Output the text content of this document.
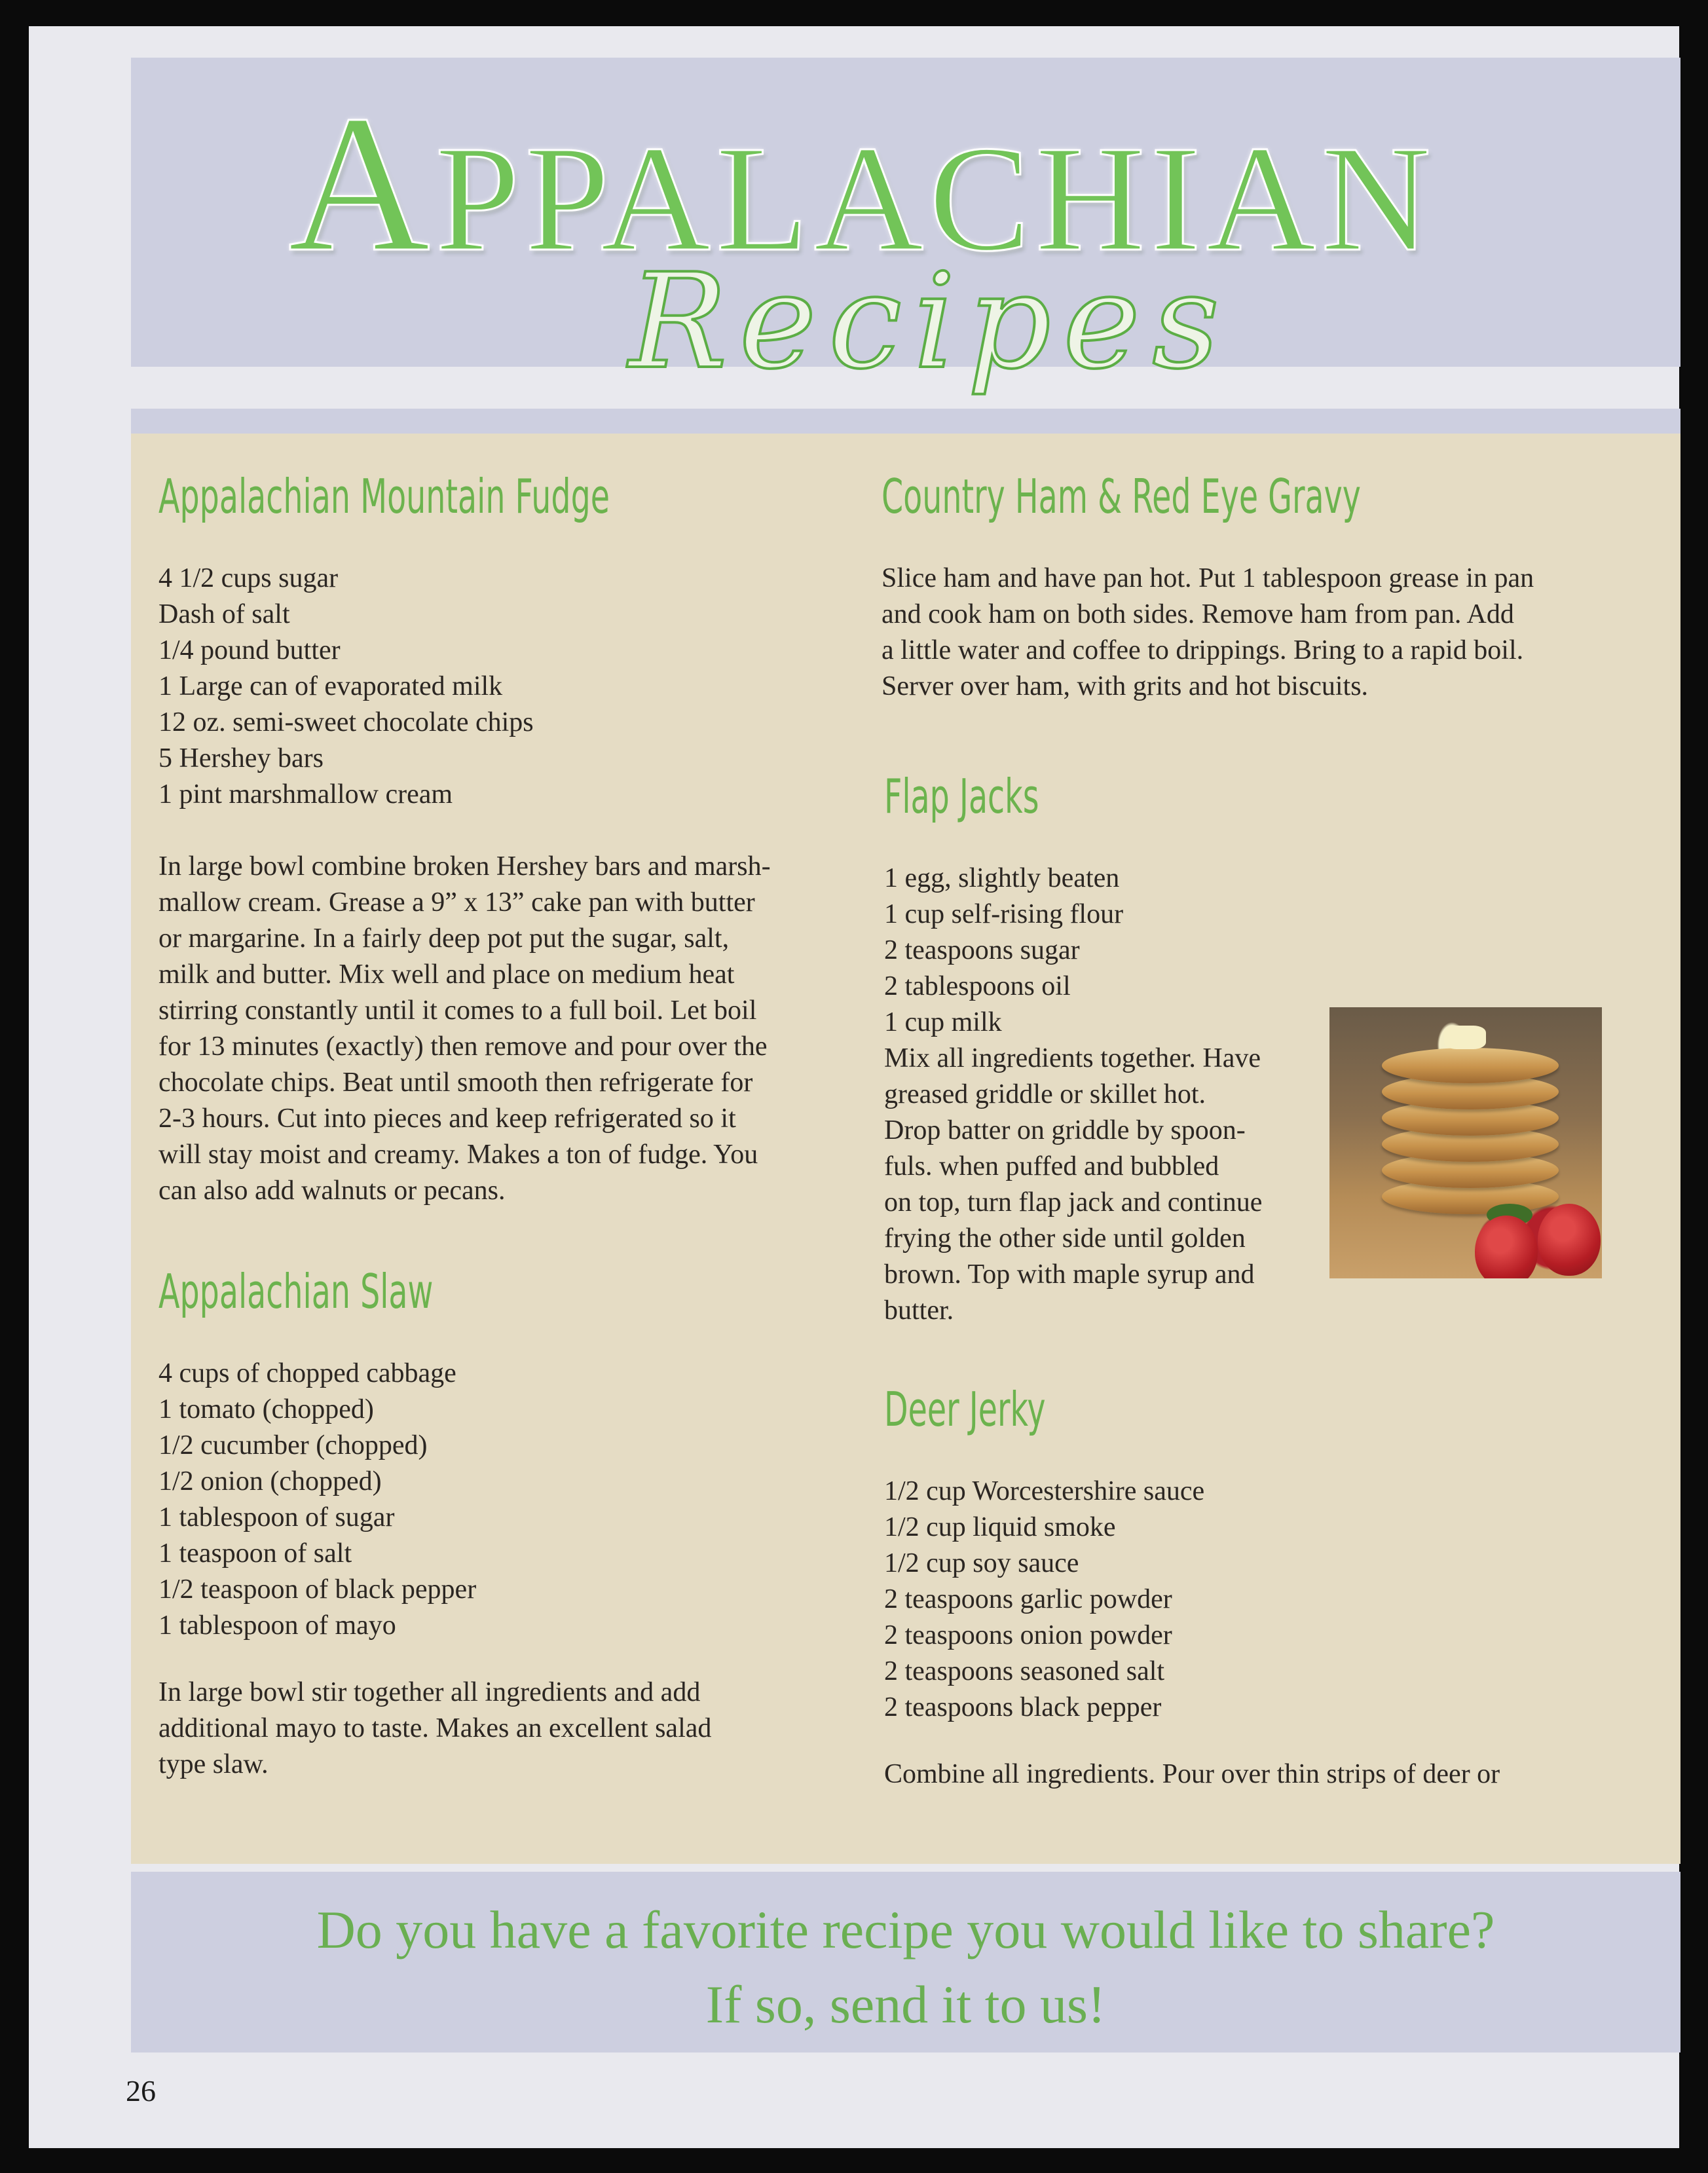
APPALACHIAN
Recipes
Appalachian Mountain Fudge
4 1/2 cups sugar
Dash of salt
1/4 pound butter
1 Large can of evaporated milk
12 oz. semi-sweet chocolate chips
5 Hershey bars
1 pint marshmallow cream
In large bowl combine broken Hershey bars and marsh-
mallow cream. Grease a 9” x 13” cake pan with butter
or margarine. In a fairly deep pot put the sugar, salt,
milk and butter. Mix well and place on medium heat
stirring constantly until it comes to a full boil. Let boil
for 13 minutes (exactly) then remove and pour over the
chocolate chips. Beat until smooth then refrigerate for
2-3 hours. Cut into pieces and keep refrigerated so it
will stay moist and creamy. Makes a ton of fudge. You
can also add walnuts or pecans.
Appalachian Slaw
4 cups of chopped cabbage
1 tomato (chopped)
1/2 cucumber (chopped)
1/2 onion (chopped)
1 tablespoon of sugar
1 teaspoon of salt
1/2 teaspoon of black pepper
1 tablespoon of mayo
In large bowl stir together all ingredients and add
additional mayo to taste. Makes an excellent salad
type slaw.
Country Ham & Red Eye Gravy
Slice ham and have pan hot. Put 1 tablespoon grease in pan
and cook ham on both sides. Remove ham from pan. Add
a little water and coffee to drippings. Bring to a rapid boil.
Server over ham, with grits and hot biscuits.
Flap Jacks
1 egg, slightly beaten
1 cup self-rising flour
2 teaspoons sugar
2 tablespoons oil
1 cup milk
Mix all ingredients together. Have
greased griddle or skillet hot.
Drop batter on griddle by spoon-
fuls. when puffed and bubbled
on top, turn flap jack and continue
frying the other side until golden
brown. Top with maple syrup and
butter.
Deer Jerky
1/2 cup Worcestershire sauce
1/2 cup liquid smoke
1/2 cup soy sauce
2 teaspoons garlic powder
2 teaspoons onion powder
2 teaspoons seasoned salt
2 teaspoons black pepper
Combine all ingredients. Pour over thin strips of deer or
Do you have a favorite recipe you would like to share?
If so, send it to us!
26
